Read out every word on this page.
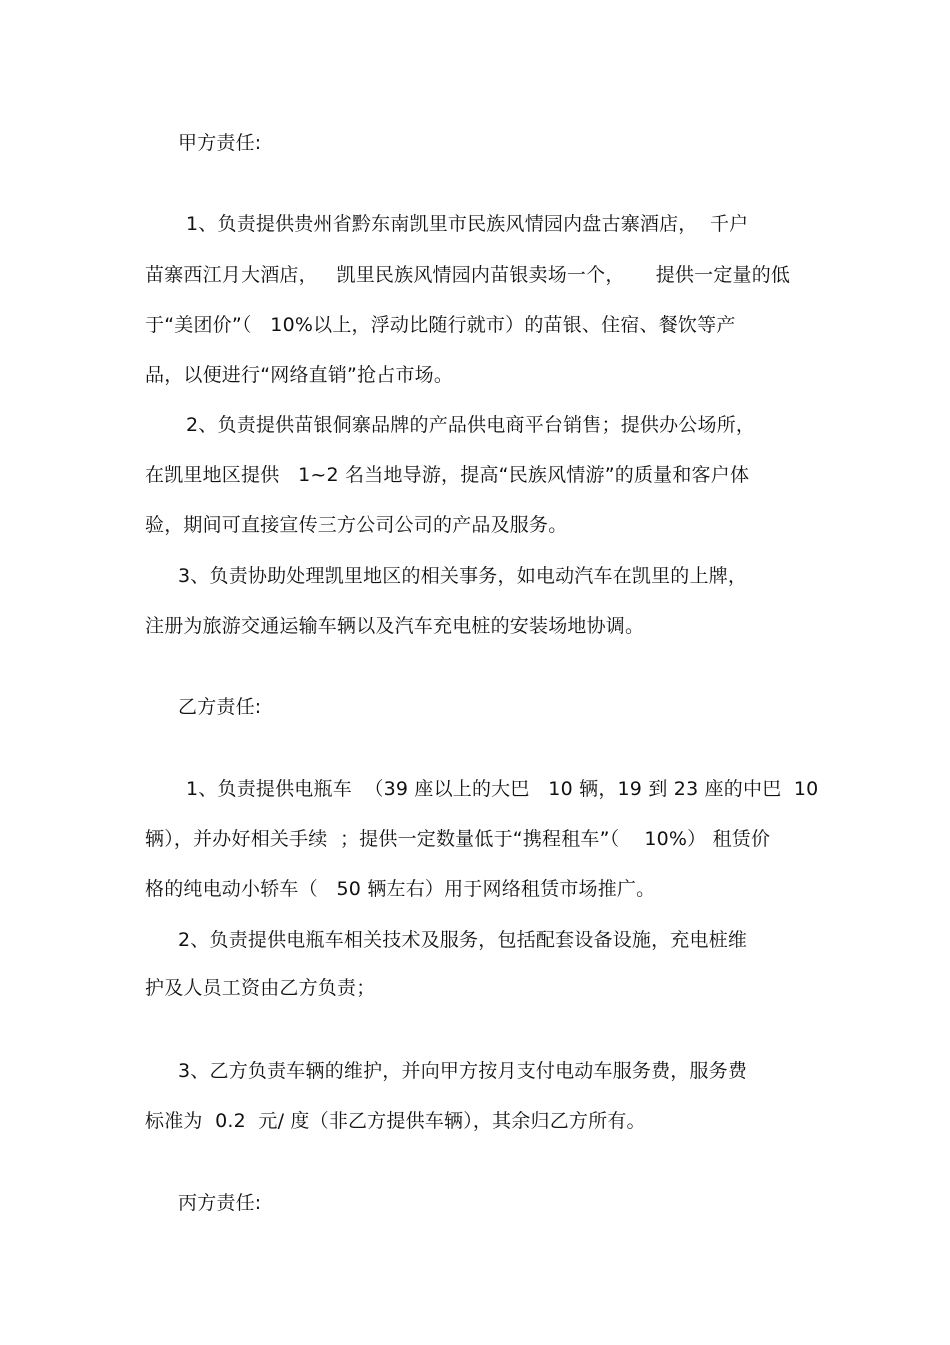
甲方责任:
1、负责提供贵州省黔东南凯里市民族风情园内盘古寨酒店，  千户
苗寨西江月大酒店，   凯里民族风情园内苗银卖场一个，     提供一定量的低
于“美团价”（   10%以上，浮动比随行就市）的苗银、住宿、餐饮等产
品，以便进行“网络直销”抢占市场。
2、负责提供苗银侗寨品牌的产品供电商平台销售；提供办公场所，
在凯里地区提供   1~2 名当地导游，提高“民族风情游”的质量和客户体
验，期间可直接宣传三方公司公司的产品及服务。
3、负责协助处理凯里地区的相关事务，如电动汽车在凯里的上牌，
注册为旅游交通运输车辆以及汽车充电桩的安装场地协调。
乙方责任:
1、负责提供电瓶车  （39 座以上的大巴   10 辆，19 到 23 座的中巴  10
辆），并办好相关手续  ；提供一定数量低于“携程租车”（    10%） 租赁价
格的纯电动小轿车（   50 辆左右）用于网络租赁市场推广。
2、负责提供电瓶车相关技术及服务，包括配套设备设施，充电桩维
护及人员工资由乙方负责；
3、乙方负责车辆的维护，并向甲方按月支付电动车服务费，服务费
标准为  0.2  元/ 度（非乙方提供车辆），其余归乙方所有。
丙方责任:
